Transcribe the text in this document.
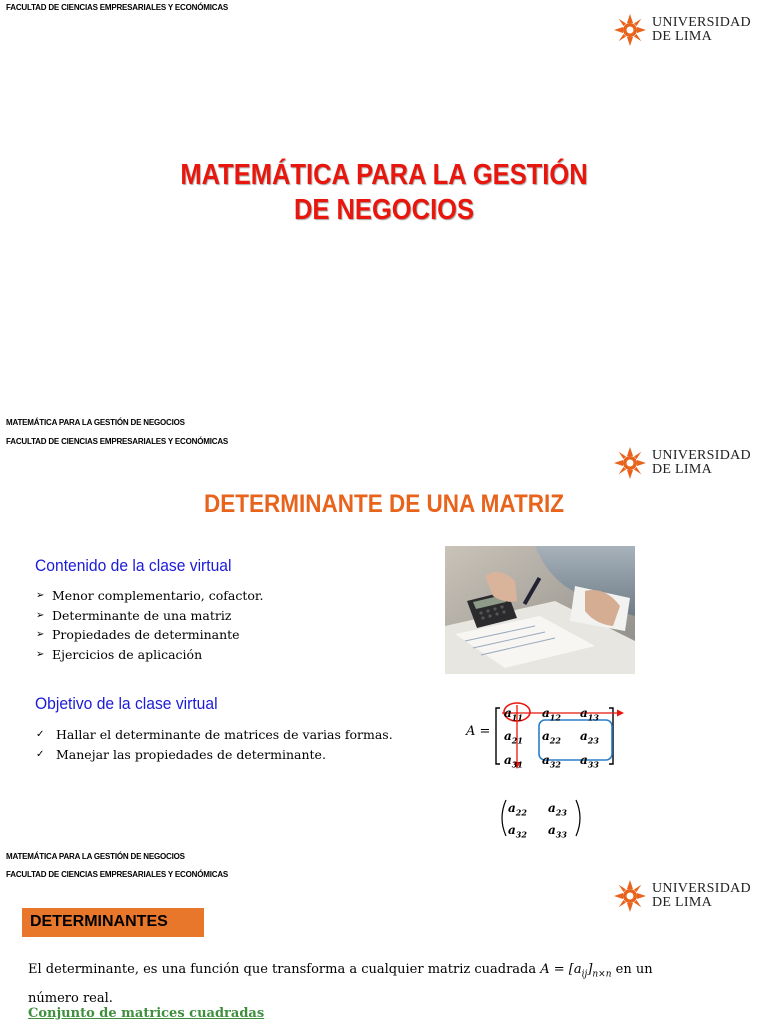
FACULTAD DE CIENCIAS EMPRESARIALES Y ECONÓMICAS
UNIVERSIDAD
DE LIMA
MATEMÁTICA PARA LA GESTIÓN
DE NEGOCIOS
MATEMÁTICA PARA LA GESTIÓN DE NEGOCIOS
FACULTAD DE CIENCIAS EMPRESARIALES Y ECONÓMICAS
UNIVERSIDAD
DE LIMA
DETERMINANTE DE UNA MATRIZ
Contenido de la clase virtual
➢ Menor complementario, cofactor.
➢ Determinante de una matriz
➢ Propiedades de determinante
➢ Ejercicios de aplicación
Objetivo de la clase virtual
✓ Hallar el determinante de matrices de varias formas.
✓ Manejar las propiedades de determinante.
A =
$a_{11}$	$a_{12}$	$a_{13}$
$a_{21}$	$a_{22}$	$a_{23}$
$a_{31}$	$a_{32}$	$a_{33}$
$a_{22}$	$a_{23}$
$a_{32}$	$a_{33}$
MATEMÁTICA PARA LA GESTIÓN DE NEGOCIOS
FACULTAD DE CIENCIAS EMPRESARIALES Y ECONÓMICAS
UNIVERSIDAD
DE LIMA
DETERMINANTES
El determinante, es una función que transforma a cualquier matriz cuadrada $A = [a_{ij}]_{n\times n}$ en un
número real.
Conjunto de matrices cuadradas
